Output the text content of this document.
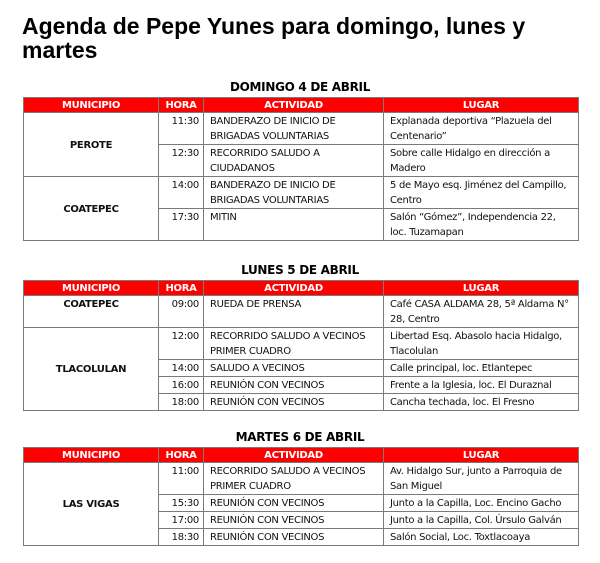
Agenda de Pepe Yunes para domingo, lunes y martes
DOMINGO 4 DE ABRIL
MUNICIPIO	HORA	ACTIVIDAD	LUGAR
PEROTE	11:30	BANDERAZO DE INICIO DE BRIGADAS VOLUNTARIAS	Explanada deportiva “Plazuela del Centenario”
	12:30	RECORRIDO SALUDO A CIUDADANOS	Sobre calle Hidalgo en dirección a Madero
COATEPEC	14:00	BANDERAZO DE INICIO DE BRIGADAS VOLUNTARIAS	5 de Mayo esq. Jiménez del Campillo, Centro
	17:30	MITIN	Salón “Gómez”, Independencia 22, loc. Tuzamapan
LUNES 5 DE ABRIL
MUNICIPIO	HORA	ACTIVIDAD	LUGAR
COATEPEC	09:00	RUEDA DE PRENSA	Café CASA ALDAMA 28, 5ª Aldama N° 28, Centro
TLACOLULAN	12:00	RECORRIDO SALUDO A VECINOS PRIMER CUADRO	Libertad Esq. Abasolo hacia Hidalgo, Tlacolulan
	14:00	SALUDO A VECINOS	Calle principal, loc. Etlantepec
	16:00	REUNIÓN CON VECINOS	Frente a la Iglesia, loc. El Duraznal
	18:00	REUNIÓN CON VECINOS	Cancha techada, loc. El Fresno
MARTES 6 DE ABRIL
MUNICIPIO	HORA	ACTIVIDAD	LUGAR
LAS VIGAS	11:00	RECORRIDO SALUDO A VECINOS PRIMER CUADRO	Av. Hidalgo Sur, junto a Parroquia de San Miguel
	15:30	REUNIÓN CON VECINOS	Junto a la Capilla, Loc. Encino Gacho
	17:00	REUNIÓN CON VECINOS	Junto a la Capilla, Col. Úrsulo Galván
	18:30	REUNIÓN CON VECINOS	Salón Social, Loc. Toxtlacoaya
